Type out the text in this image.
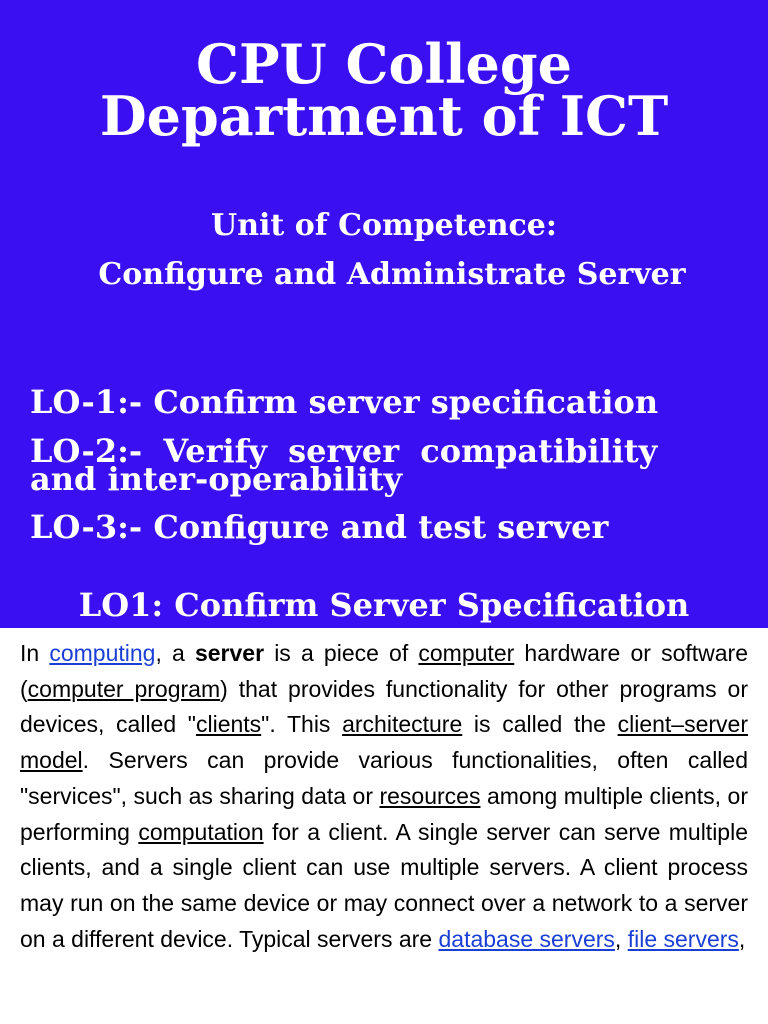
CPU College
Department of ICT
Unit of Competence:
Configure and Administrate Server
LO-1:- Confirm server specification
LO-2:- Verify server compatibility
and inter-operability
LO-3:- Configure and test server
LO1: Confirm Server Specification
In computing, a server is a piece of computer hardware or software (computer program) that provides functionality for other programs or devices, called "clients". This architecture is called the client–server model. Servers can provide various functionalities, often called "services", such as sharing data or resources among multiple clients, or performing computation for a client. A single server can serve multiple clients, and a single client can use multiple servers. A client process may run on the same device or may connect over a network to a server on a different device. Typical servers are database servers, file servers,
